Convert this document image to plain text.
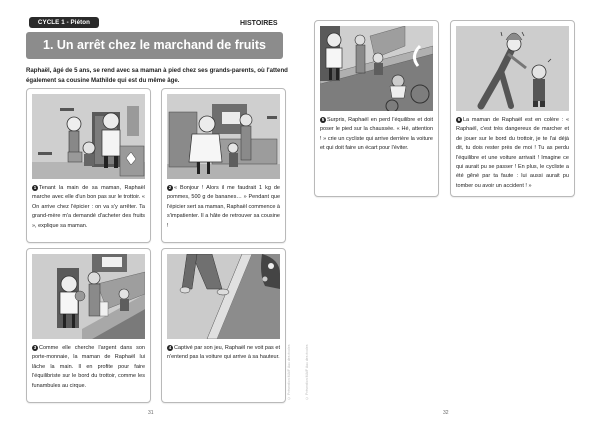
CYCLE 1 - Piéton	HISTOIRES
1. Un arrêt chez le marchand de fruits
Raphaël, âgé de 5 ans, se rend avec sa maman à pied chez ses grands-parents, où l'attend également sa cousine Mathilde qui est du même âge.
1 Tenant la main de sa maman, Raphaël marche avec elle d'un bon pas sur le trottoir. « On arrive chez l'épicier : on va s'y arrêter. Ta grand-mère m'a demandé d'acheter des fruits », explique sa maman.
2 « Bonjour ! Alors il me faudrait 1 kg de pommes, 500 g de bananes… » Pendant que l'épicier sert sa maman, Raphaël commence à s'impatienter. Il a hâte de retrouver sa cousine !
3 Comme elle cherche l'argent dans son porte-monnaie, la maman de Raphaël lui lâche la main. Il en profite pour faire l'équilibriste sur le bord du trottoir, comme les funambules au cirque.
4 Captivé par son jeu, Raphaël ne voit pas et n'entend pas la voiture qui arrive à sa hauteur.
5 Surpris, Raphaël en perd l'équilibre et doit poser le pied sur la chaussée. « Hé, attention ! » crie un cycliste qui arrive derrière la voiture et qui doit faire un écart pour l'éviter.
6 La maman de Raphaël est en colère : « Raphaël, c'est très dangereux de marcher et de jouer sur le bord du trottoir, je te l'ai déjà dit, tu dois rester près de moi ! Tu as perdu l'équilibre et une voiture arrivait ! Imagine ce qui aurait pu se passer ! En plus, le cycliste a été gêné par ta faute : lui aussi aurait pu tomber ou avoir un accident ! »
© Prévention MAIF Aux des écoles	© Prévention MAIF Aux des écoles
31	32
